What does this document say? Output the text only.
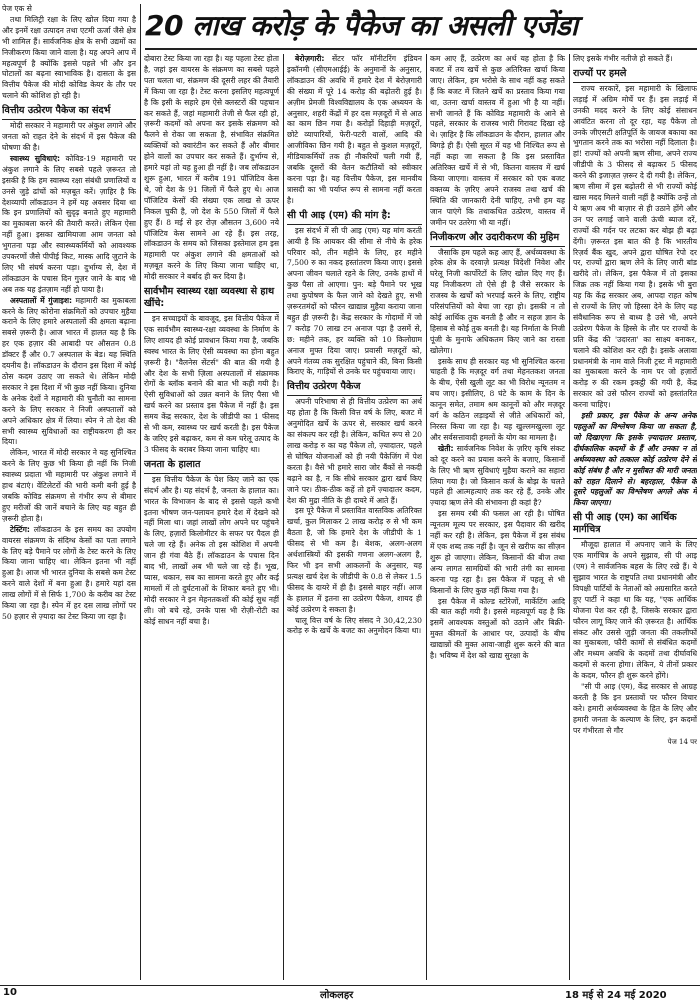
20 लाख करोड़ के पैकेज का असली एजेंडा

पेज एक से

तथा मिलिट्री रक्षा के लिए खोल दिया गया है और इनमें रक्षा उत्पादन तथा एटमी ऊर्जा जैसे क्षेत्र भी शामिल हैं। सार्वजनिक क्षेत्र के सभी उद्यमों का निजीकरण किया जाने वाला है। यह अपने आप में महत्वपूर्ण है क्योंकि इससे पहले भी और इन घोटालों का बढ़ना स्वाभाविक है। दासता के इस वित्तीय पैकेज की मोदी कोविड केयर के तौर पर चलाने की कोशिश हो रही है।

वित्तीय उत्प्रेरण पैकेज का संदर्भ

मोदी सरकार ने महामारी पर अंकुश लगाने और जनता को राहत देने के संदर्भ में इस पैकेज की घोषणा की है।

स्वास्थ्य सुविधाएं: कोविड-19 महामारी पर अंकुश लगाने के लिए सबसे पहले ज़रूरत तो इसकी है कि हम स्वास्थ्य रक्षा संबंधी प्रणालियों व उनसे जुड़े ढांचों को मज़बूत करें। ज़ाहिर है कि देशव्यापी लॉकडाउन ने हमें यह अवसर दिया था कि इन प्रणालियों को सुदृढ़ बनाते हुए महामारी का मुकाबला करने की तैयारी करते। लेकिन ऐसा नहीं हुआ। इसका खामियाजा आम जनता को भुगतना पड़ा और स्वास्थ्यकर्मियों को आवश्यक उपकरणों जैसे पीपीई किट, मास्क आदि जुटाने के लिए भी संघर्ष करना पड़ा। दुर्भाग्य से, देश में लॉकडाउन के पचास दिन गुज़र जाने के बाद भी अब तक यह इंतज़ाम नहीं हो पाया है।

अस्पतालों में गुंजाइश: महामारी का मुकाबला करने के लिए कोरोना संक्रमितों को उपचार मुहैया कराने के लिए हमारे अस्पतालों की क्षमता बढ़ाना सबसे ज़रूरी है। आज भारत में हालत यह है कि हर एक हज़ार की आबादी पर औसतन 0.8 डॉक्टर हैं और 0.7 अस्पताल के बेड। यह स्थिति दयनीय है। लॉकडाउन के दौरान इस दिशा में कोई ठोस कदम उठाए जा सकते थे। लेकिन मोदी सरकार ने इस दिशा में भी कुछ नहीं किया। दुनिया के अनेक देशों ने महामारी की चुनौती का सामना करने के लिए सरकार ने निजी अस्पतालों को अपने अधिकार क्षेत्र में लिया। स्पेन ने तो देश की सभी स्वास्थ्य सुविधाओं का राष्ट्रीयकरण ही कर दिया।

लेकिन, भारत में मोदी सरकार ने यह सुनिश्चित करने के लिए कुछ भी किया ही नहीं कि निजी स्वास्थ्य प्रदाता भी महामारी पर अंकुश लगाने में हाथ बंटाएं। वेंटिलेटरों की भारी कमी बनी हुई है जबकि कोविड संक्रमण से गंभीर रूप से बीमार हुए मरीजों की जानें बचाने के लिए यह बहुत ही ज़रूरी होता है।

टेस्टिंग: लॉकडाउन के इस समय का उपयोग वायरस संक्रमण के संदिग्ध केसों का पता लगाने के लिए बड़े पैमाने पर लोगों के टेस्ट करने के लिए किया जाना चाहिए था। लेकिन इतना भी नहीं हुआ है। आज भी भारत दुनिया के सबसे कम टेस्ट करने वाले देशों में बना हुआ है। हमारे यहां दस लाख लोगों में से सिर्फ 1,700 के करीब का टेस्ट किया जा रहा है। स्पेन में हर दस लाख लोगों पर 50 हज़ार से ज़्यादा का टेस्ट किया जा रहा है।

दोबारा टेस्ट किया जा रहा है। यह पहला टेस्ट होता है, जहां इस वायरस के संक्रमण का सबसे पहले पता चलता था, संक्रमण की दूसरी लहर की तैयारी में किया जा रहा है। टेस्ट करना इसलिए महत्वपूर्ण है कि इसी के सहारे हम ऐसे क्लस्टरों की पहचान कर सकते हैं, जहां महामारी तेजी से फैल रही हो, ज़रूरी कदमों को अपना कर इसके संक्रमण को फैलने से रोका जा सकता है, संभावित संक्रमित व्यक्तियों को क्वारंटीन कर सकते हैं और बीमार होने वालों का उपचार कर सकते हैं। दुर्भाग्य से, हमारे यहां तो यह हुआ ही नहीं है। जब लॉकडाउन शुरू हुआ, भारत में करीब 191 पॉजिटिव केस थे, जो देश के 91 जिलों में फैले हुए थे। आज पॉजिटिव केसों की संख्या एक लाख से ऊपर निकल चुकी है, जो देश के 550 जिलों में फैले हुए हैं। 8 मई से हर रोज़ औसतन 3,600 नये पॉजिटिव केस सामने आ रहे हैं। इस तरह, लॉकडाउन के समय को जिसका इस्तेमाल हम इस महामारी पर अंकुश लगाने की क्षमताओं को मज़बूत करने के लिए किया जाना चाहिए था, मोदी सरकार ने बर्बाद ही कर दिया है।

सार्वभौम स्वास्थ्य रक्षा व्यवस्था से हाथ खींचे:

इन सच्चाइयों के बावजूद, इस वित्तीय पैकेज में एक सार्वभौम स्वास्थ्य-रक्षा व्यवस्था के निर्माण के लिए शायद ही कोई प्रावधान किया गया है, जबकि स्वस्थ भारत के लिए ऐसी व्यवस्था का होना बहुत ज़रूरी है। "वैलनेस सेंटर्स" की बात की गयी है और देश के सभी ज़िला अस्पतालों में संक्रामक रोगों के ब्लॉक बनाने की बात भी कही गयी है। ऐसी सुविधाओं को उन्नत बनाने के लिए पैसा भी खर्च करने का प्रस्ताव इस पैकेज में नहीं है। इस समय केंद्र सरकार, देश के जीडीपी का 1 फीसद से भी कम, स्वास्थ्य पर खर्च करती है। इस पैकेज के जरिए इसे बढ़ाकर, कम से कम घरेलू उत्पाद के 3 फीसद के बराबर किया जाना चाहिए था।

जनता के हालात

इस वित्तीय पैकेज के पेश किए जाने का एक संदर्भ और है। यह संदर्भ है, जनता के हालात का। भारत के विभाजन के बाद से इससे पहले कभी इतना भीषण जन-पलायन हमारे देश में देखने को नहीं मिला था। जहां लाखों लोग अपने घर पहुंचने के लिए, हज़ारों किलोमीटर के सफर पर पैदल ही चले जा रहे हैं। अनेक तो इस कोशिश में अपनी जान ही गंवा बैठे हैं। लॉकडाउन के पचास दिन बाद भी, लाखों अब भी चले जा रहे हैं। भूख, प्यास, थकान, सब का सामना करते हुए और कई मामलों में तो दुर्घटनाओं के शिकार बनते हुए भी। मोदी सरकार ने इन मेहनतकशों की कोई सुध नहीं ली। जो बचे रहे, उनके पास भी रोज़ी-रोटी का कोई साधन नहीं बचा है।

बेरोज़गारी: सेंटर फॉर मॉनीटरिंग इंडियन इकॉनमी (सीएमआईई) के अनुमानों के अनुसार, लॉकडाउन की अवधि में हमारे देश में बेरोज़गारी की संख्या में पूरे 14 करोड़ की बढ़ोतरी हुई है। अज़ीम प्रेमजी विश्वविद्यालय के एक अध्ययन के अनुसार, शहरी केंद्रों में हर दस मज़दूरों में से आठ का काम छिन गया है। करोड़ों दिहाड़ी मज़दूरों, छोटे व्यापारियों, फेरी-पटरी वालों, आदि की आजीविका छिन गयी है। बहुत से कुशल मज़दूरों, मीडियाकर्मियों तक ही नौकरियों चली गयी हैं, जबकि दूसरों की वेतन कटौतियों को स्वीकार करना पड़ा है। यह वित्तीय पैकेज, इस मानवीय त्रासदी का भी पर्याप्त रूप से सामना नहीं करता है।

सी पी आइ (एम) की मांग है:

इस संदर्भ में सी पी आइ (एम) यह मांग करती आयी है कि आयकर की सीमा से नीचे के हरेक परिवार को, तीन महीने के लिए, हर महीने 7,500 रु का नकद हस्तांतरण किया जाए। इससे अपना जीवन चलाते रहने के लिए, उनके हाथों में कुछ पैसा तो आएगा। पुन: बड़े पैमाने पर भूख तथा कुपोषण के फैल जाने को देखते हुए, सभी ज़रूरतमंदों को फौरन खाद्यान्न मुहैया कराया जाना बहुत ही ज़रूरी है। केंद्र सरकार के गोदामों में जो 7 करोड़ 70 लाख टन अनाज पड़ा है उसमें से, छ: महीने तक, हर व्यक्ति को 10 किलोग्राम अनाज मुफ्त दिया जाए। प्रवासी मज़दूरों को, अपने गंतव्य तक सुरक्षित पहुंचाने की, बिना किसी किराए के, गाड़ियों से उनके घर पहुंचवाया जाए।

वित्तीय उत्प्रेरण पैकेज

अपनी परिभाषा से ही वित्तीय उत्प्रेरण का अर्थ यह होता है कि किसी वित्त वर्ष के लिए, बजट में अनुमोदित खर्चे के ऊपर से, सरकार खर्च करने का संकल्प कर रही है। लेकिन, कथित रूप से 20 लाख करोड़ रु का यह पैकेज तो, ज़्यादातर, पहले से घोषित योजनाओं को ही नयी पैकेजिंग में पेश करता है। वैसे भी हमारे सारा जोर बैंकों से नकदी बढ़ाने का है, न कि सीधे सरकार द्वारा खर्च किए जाने पर। ठीक-ठीक कहें तो हमें ज़्यादातर कदम, देश की मुद्रा नीति के ही दायरे में आते हैं।

इस पूरे पैकेज में प्रस्तावित वास्तविक अतिरिक्त खर्चा, कुल मिलाकर 2 लाख करोड़ रु से भी कम बैठता है, जो कि हमारे देश के जीडीपी के 1 फीसद से भी कम है। बेशक, अलग-अलग अर्थशास्त्रियों की इसकी गणना अलग-अलग है, फिर भी इन सभी आकलनों के अनुसार, यह प्रत्यक्ष खर्च देश के जीडीपी के 0.8 से लेकर 1.5 फीसद के दायरे में ही है। इससे बाहर नहीं। आज के हालात में इतना सा उत्प्रेरण पैकेज, शायद ही कोई उत्प्रेरण दे सकता है।

चालू वित्त वर्ष के लिए संसद ने 30,42,230 करोड़ रु के खर्चे के बजट का अनुमोदन किया था।

कम आए हैं, उत्प्रेरण का अर्थ यह होता है कि बजट में तय खर्चे से कुछ अतिरिक्त खर्चा किया जाए। लेकिन, हम भरोसे के साथ नहीं कह सकते हैं कि बजट में जितने खर्चे का प्रस्ताव किया गया था, उतना खर्चा वास्तव में हुआ भी है या नहीं। सभी जानते हैं कि कोविड महामारी के आने से पहले, सरकार के राजस्व भारी गिरावट दिखा रहे थे। ज़ाहिर है कि लॉकडाउन के दौरान, हालात और बिगड़े ही हैं। ऐसी सूरत में यह भी निश्चित रूप से नहीं कहा जा सकता है कि इस प्रस्तावित अतिरिक्त खर्चे में से भी, कितना वास्तव में खर्च किया जाएगा। वास्तव में सरकार को एक बजट वक्तव्य के ज़रिए अपने राजस्व तथा खर्च की स्थिति की जानकारी देनी चाहिए, तभी हम यह जान पाएंगे कि तथाकथित उत्प्रेरण, वास्तव में जमीन पर उतरेगा भी या नहीं।

निजीकरण और उदारीकरण की मुहिम

जैसाकि हम पहले कह आए हैं, अर्थव्यवस्था के हरेक क्षेत्र के दरवाज़े प्रत्यक्ष विदेशी निवेश और घरेलू निजी कार्पोरेटों के लिए खोल दिए गए हैं। यह निजीकरण तो ऐसे ही है जैसे सरकार के राजस्व के खर्चों को भरपाई करने के लिए, राष्ट्रीय परिसंपत्तियों को बेचा जा रहा हो। इसकी न तो कोई आर्थिक तुक बनती है और न सहज ज्ञान के हिसाब से कोई तुक बनती है। यह निर्माता के निजी पूंजी के मुनाफे अधिकतम किए जाने का रास्ता खोलेगा।

इसके साथ ही सरकार यह भी सुनिश्चित करना चाहती है कि मज़दूर वर्ग तथा मेहनतकश जनता के बीच, ऐसी खुली लूट का भी विरोध न्यूनतम न बच जाए। इसीलिए, 8 घंटे के काम के दिन के कानून समेत, तमाम श्रम कानूनों को और मज़दूर वर्ग के कठिन लड़ाइयों से जीते अधिकारों को, निरस्त किया जा रहा है। यह खुल्लमखुल्ला लूट और सर्वसत्तावादी हमलों के योग का मामला है।

खेती: सार्वजनिक निवेश के ज़रिए कृषि संकट को दूर करने का प्रयास करने के बजाए, किसानों के लिए भी ऋण सुविधाएं मुहैया कराने का सहारा लिया गया है। जो किसान कर्ज के बोझ के चलते पहले ही आत्महत्याएं तक कर रहे हैं, उनके और ज़्यादा ऋण लेने की संभावना ही कहां है?

इस समय रबी की फसल आ रही है। घोषित न्यूनतम मूल्य पर सरकार, इस पैदावार की खरीद नहीं कर रही है। लेकिन, इस पैकेज में इस संबंध में एक शब्द तक नहीं है। जून से खरीफ का सीज़न शुरू हो जाएगा। लेकिन, किसानों की बीज तथा अन्य लागत सामग्रियों की भारी तंगी का सामना करना पड़ रहा है। इस पैकेज में पहलू से भी किसानों के लिए कुछ नहीं किया गया है।

इस पैकेज में कोल्ड स्टोरेजों, मार्केटिंग आदि की बात कही गयी है। इससे महत्वपूर्ण यह है कि इसमें आवश्यक वस्तुओं को उठाने और बिक्री-मुक्त कीमतों के आधार पर, उत्पादों के बीच खाद्यान्नों की मुक्त आवा-जाही शुरू करने की बात है। भविष्य में देश को खाद्य सुरक्षा के

लिए इसके गंभीर नतीजे हो सकते हैं।

राज्यों पर हमले

राज्य सरकारें, इस महामारी के खिलाफ लड़ाई में अग्रिम मोर्चे पर हैं। इस लड़ाई में उनकी मदद करने के लिए कोई संसाधन आवंटित करना तो दूर रहा, यह पैकेज तो उनके जीएसटी क्षतिपूर्ति के जायज बकाया का भुगतान करने तक का भरोसा नहीं दिलाता है। हां! राज्यों को अपनी ऋण सीमा, अपने राज्य जीडीपी के 3 फीसद से बढ़ाकर 5 फीसद करने की इजाज़त ज़रूर दे दी गयी है। लेकिन, ऋण सीमा में इस बढ़ोतरी से भी राज्यों कोई खास मदद मिलने वाली नहीं है क्योंकि उन्हें तो ये ऋण अब भी बाज़ार से ही उठाने होंगे और उन पर लगाई जाने वाली ऊंची ब्याज दरें, राज्यों की गर्दन पर लटका कर बोझ ही बढ़ा देंगी। ज़रूरत इस बात की है कि भारतीय रिज़र्व बैंक खुद, अपने द्वारा घोषित रेपो दर पर, राज्यों द्वारा ऋण लेने के लिए जारी बांड खरीदे तो। लेकिन, इस पैकेज में तो इसका जिक्र तक नहीं किया गया है। इसके भी बुरा यह कि केंद्र सरकार अब, आपदा राहत कोष से राज्यों के लिए जो हिस्सा देने के लिए यह संवैधानिक रूप से बाध्य है उसे भी, अपने उत्प्रेरण पैकेज के हिस्से के तौर पर राज्यों के प्रति केंद्र की 'उदारता' का साक्ष्य बनाकर, चलाने की कोशिश कर रही है। इसके अलावा प्रधानमंत्री के नाम वाले निजी ट्रस्ट में महामारी का मुकाबला करने के नाम पर जो हज़ारों करोड़ रु की रकम इकट्ठी की गयी है, केंद्र सरकार को उसे फौरन राज्यों को हस्तांतरित करना चाहिए।

इसी प्रकार, इस पैकेज के अन्य अनेक पहलुओं का विश्लेषण किया जा सकता है, जो दिखाएगा कि इसके ज़्यादातर प्रस्ताव, दीर्घकालिक कदमों के हैं और उनका न तो अर्थव्यवस्था को तत्काल कोई उत्प्रेरण देने से कोई संबंध है और न मुसीबत की मारी जनता को राहत दिलाने से। बहरहाल, पैकेज के दूसरे पहलुओं का विश्लेषण अगले अंक में किया जाएगा।

सी पी आइ (एम) का आर्थिक मार्गचित्र

मौजूदा हालात में अपनाए जाने के लिए एक मार्गचित्र के अपने सुझाव, सी पी आइ (एम) ने सार्वजनिक बहस के लिए रखे हैं। ये सुझाव भारत के राष्ट्रपति तथा प्रधानमंत्री और विपक्षी पार्टियों के नेताओं को अग्रसारित करते हुए पार्टी ने कहा था कि यह, "एक आर्थिक योजना पेश कर रही है, जिसके सरकार द्वारा फौरन लागू किए जाने की ज़रूरत है। आर्थिक संकट और उससे जुड़ी जनता की तकलीफों का मुकाबला, फौरी कामों से संबंधित कदमों और मध्यम अवधि के कदमों तथा दीर्घावधि कदमों से करना होगा। लेकिन, ये तीनों प्रकार के कदम, फौरन ही शुरू करने होंगे।

"सी पी आइ (एम), केंद्र सरकार से आग्रह करती है कि इन प्रस्तावों पर फौरन विचार करे। हमारी अर्थव्यवस्था के हित के लिए और हमारी जनता के कल्याण के लिए, इन कदमों पर गंभीरता से गौर

पेज 14 पर
10	लोकलहर	18 मई से 24 मई 2020
